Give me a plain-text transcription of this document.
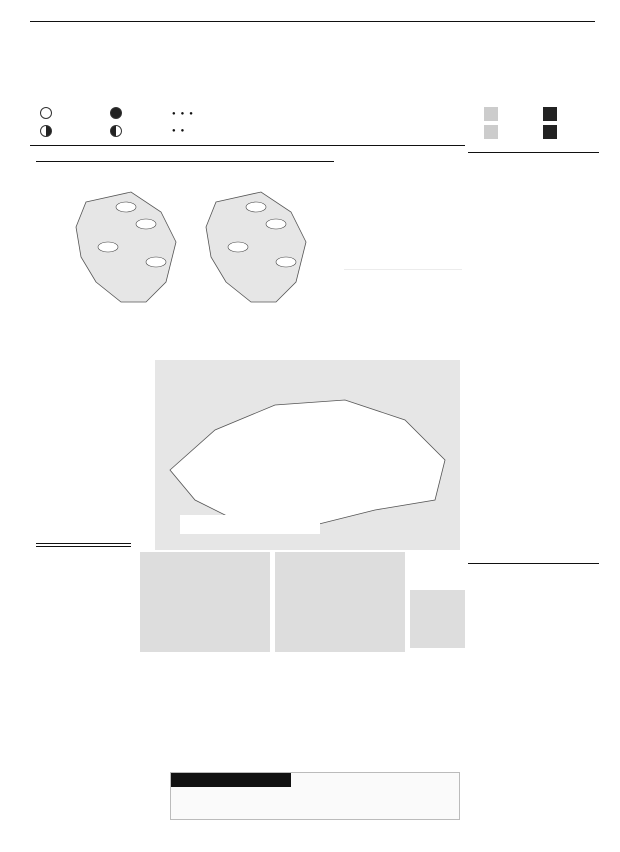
●   ●   ●
●   ●
